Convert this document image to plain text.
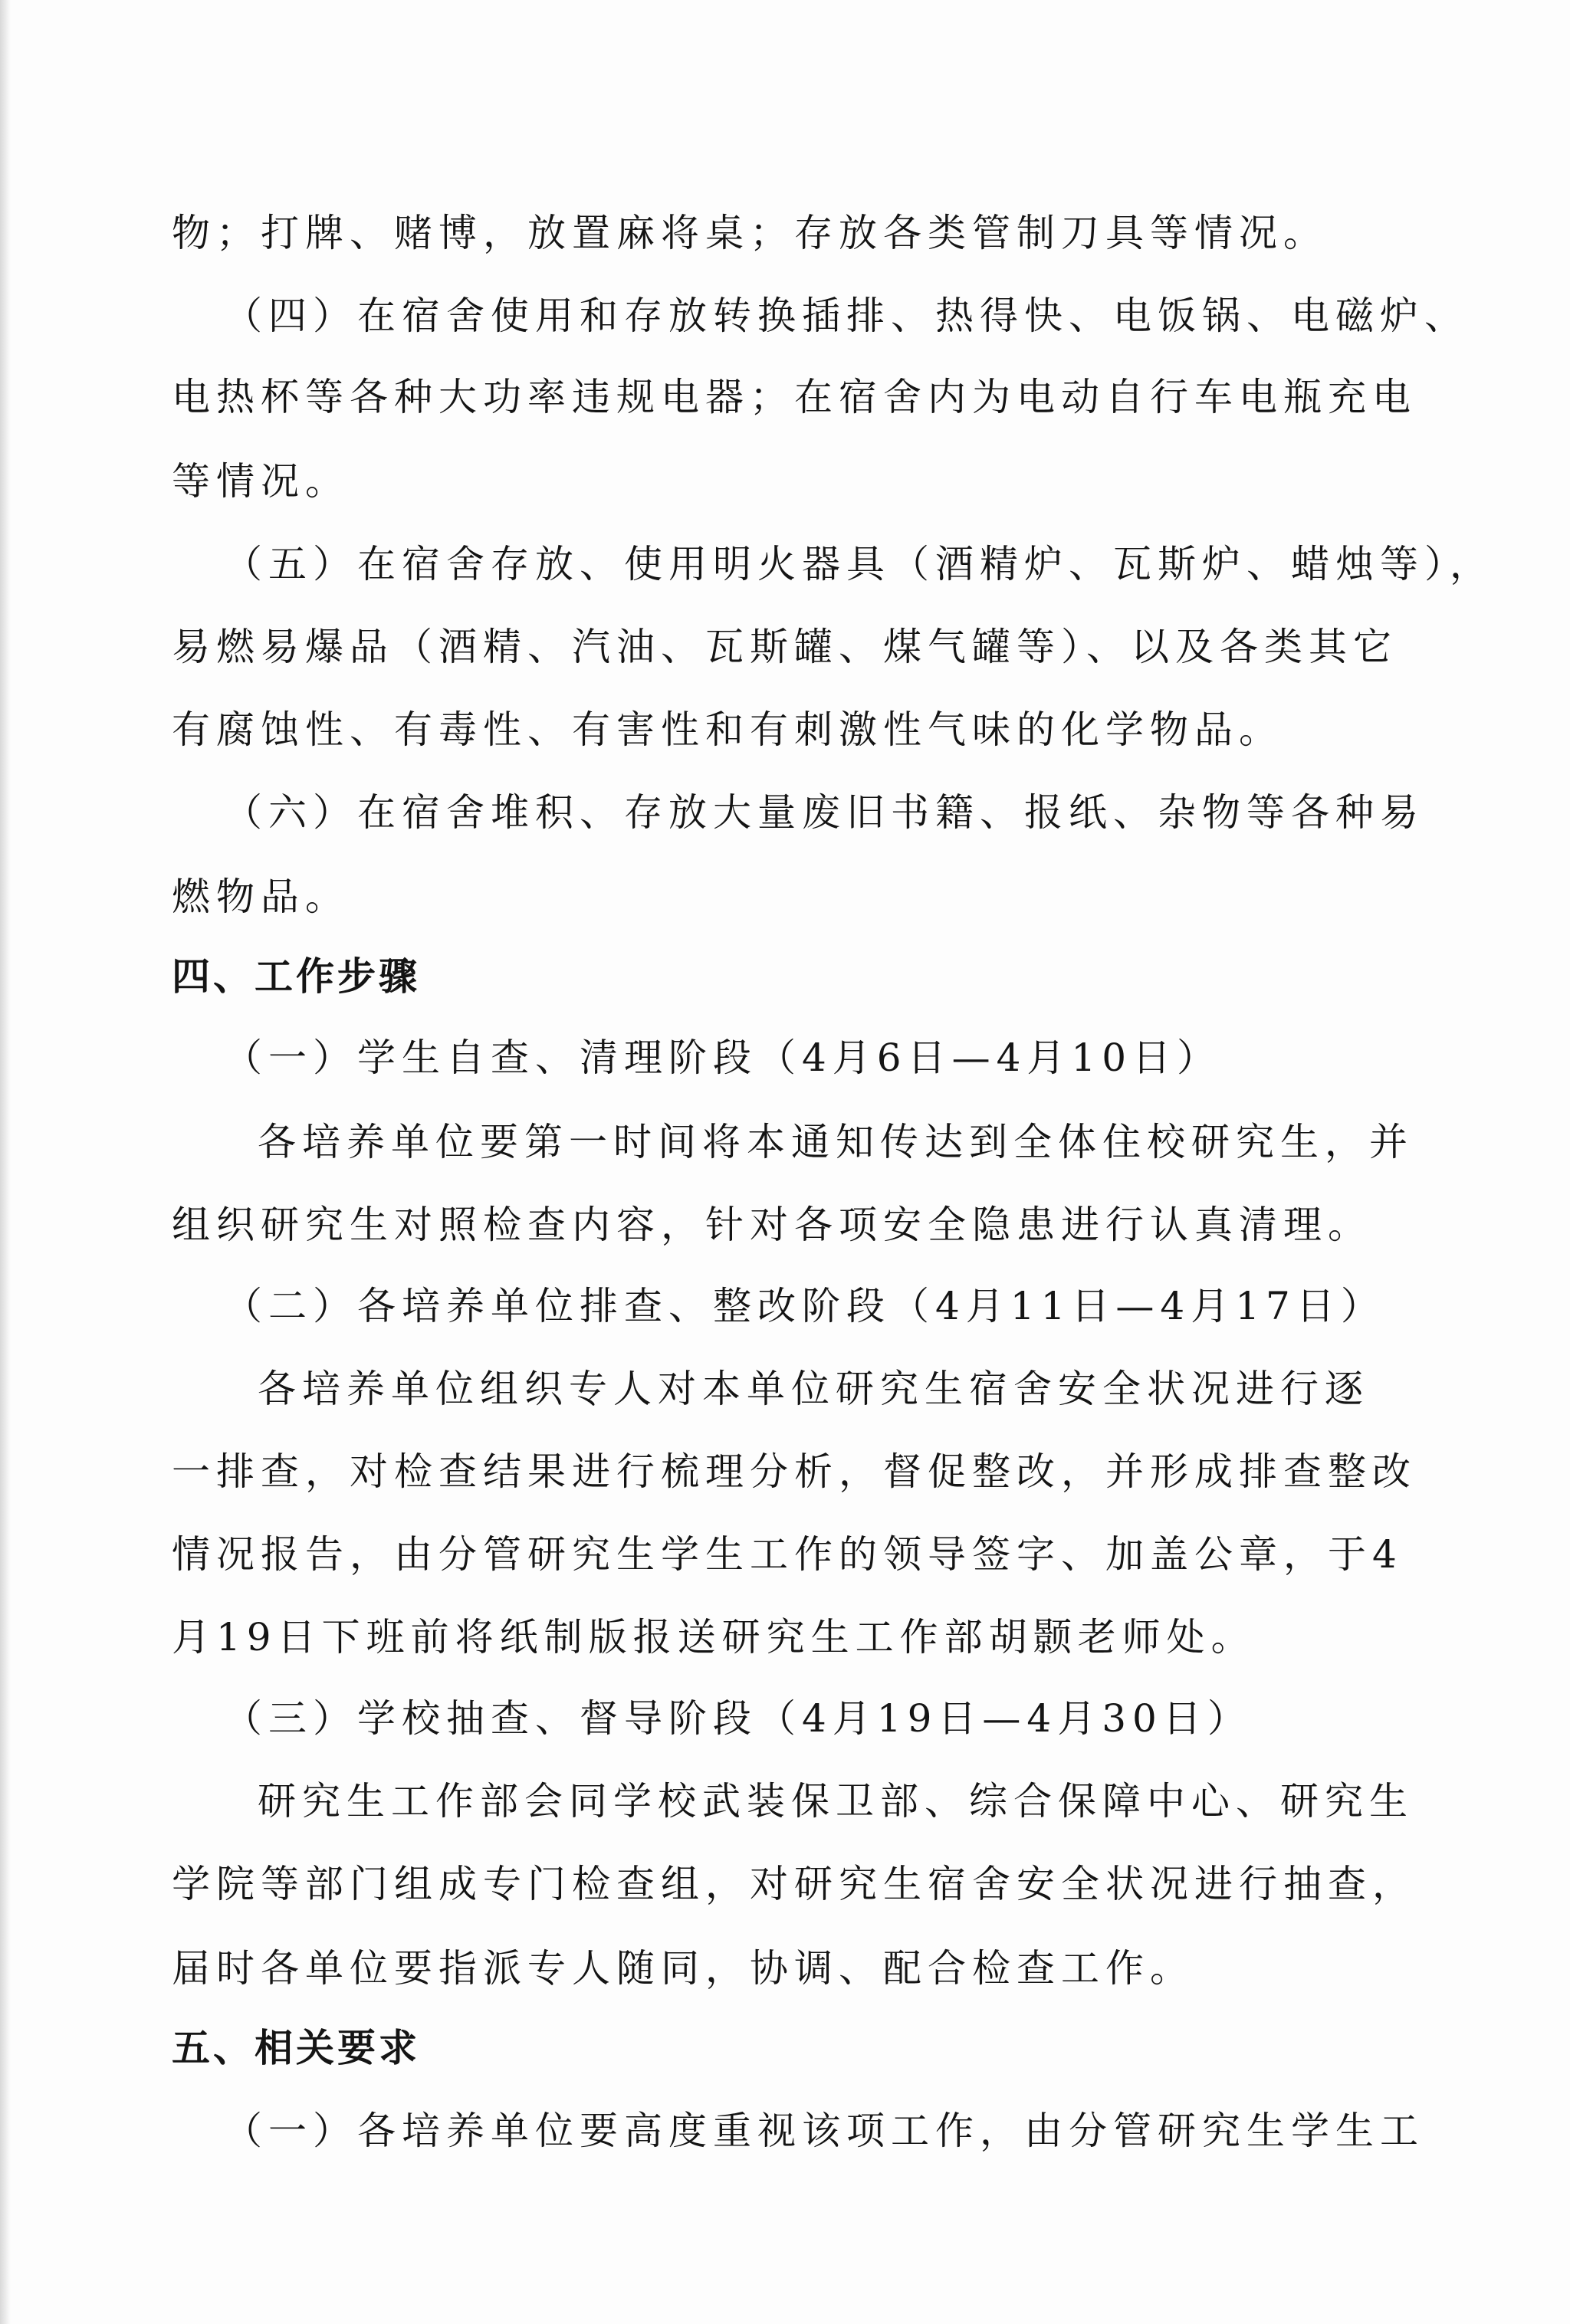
物；打牌、赌博，放置麻将桌；存放各类管制刀具等情况。
（四）在宿舍使用和存放转换插排、热得快、电饭锅、电磁炉、
电热杯等各种大功率违规电器；在宿舍内为电动自行车电瓶充电
等情况。
（五）在宿舍存放、使用明火器具（酒精炉、瓦斯炉、蜡烛等），
易燃易爆品（酒精、汽油、瓦斯罐、煤气罐等）、以及各类其它
有腐蚀性、有毒性、有害性和有刺激性气味的化学物品。
（六）在宿舍堆积、存放大量废旧书籍、报纸、杂物等各种易
燃物品。
四、工作步骤
（一）学生自查、清理阶段（4月6日—4月10日）
各培养单位要第一时间将本通知传达到全体住校研究生，并
组织研究生对照检查内容，针对各项安全隐患进行认真清理。
（二）各培养单位排查、整改阶段（4月11日—4月17日）
各培养单位组织专人对本单位研究生宿舍安全状况进行逐
一排查，对检查结果进行梳理分析，督促整改，并形成排查整改
情况报告，由分管研究生学生工作的领导签字、加盖公章，于4
月19日下班前将纸制版报送研究生工作部胡颢老师处。
（三）学校抽查、督导阶段（4月19日—4月30日）
研究生工作部会同学校武装保卫部、综合保障中心、研究生
学院等部门组成专门检查组，对研究生宿舍安全状况进行抽查，
届时各单位要指派专人随同，协调、配合检查工作。
五、相关要求
（一）各培养单位要高度重视该项工作，由分管研究生学生工
